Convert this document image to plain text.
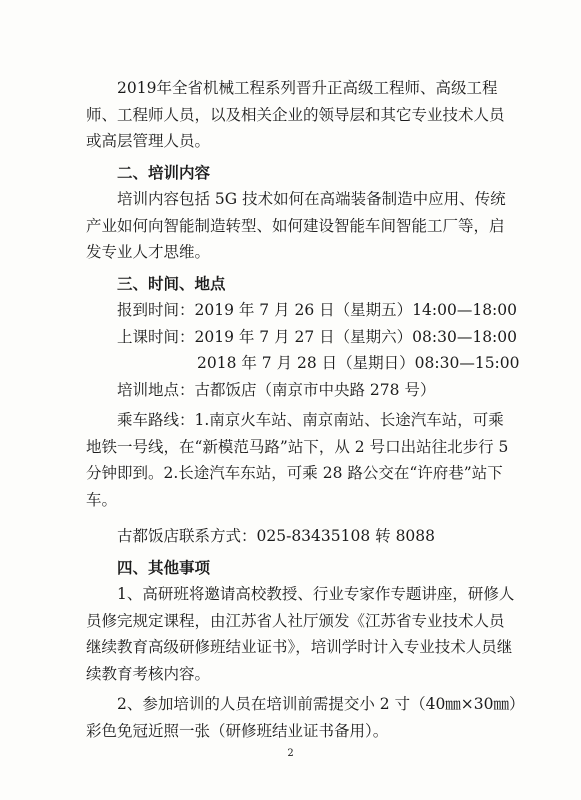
2019年全省机械工程系列晋升正高级工程师、高级工程师、工程师人员，以及相关企业的领导层和其它专业技术人员或高层管理人员。

二、培训内容

培训内容包括 5G 技术如何在高端装备制造中应用、传统产业如何向智能制造转型、如何建设智能车间智能工厂等，启发专业人才思维。

三、时间、地点

报到时间：2019 年 7 月 26 日（星期五）14:00—18:00

上课时间：2019 年 7 月 27 日（星期六）08:30—18:00

2018 年 7 月 28 日（星期日）08:30—15:00

培训地点：古都饭店（南京市中央路 278 号）

乘车路线：1.南京火车站、南京南站、长途汽车站，可乘地铁一号线，在“新模范马路”站下，从 2 号口出站往北步行 5 分钟即到。2.长途汽车东站，可乘 28 路公交在“许府巷”站下车。

古都饭店联系方式：025-83435108 转 8088

四、其他事项

1、高研班将邀请高校教授、行业专家作专题讲座，研修人员修完规定课程，由江苏省人社厅颁发《江苏省专业技术人员继续教育高级研修班结业证书》，培训学时计入专业技术人员继续教育考核内容。

2、参加培训的人员在培训前需提交小 2 寸（40㎜×30㎜）彩色免冠近照一张（研修班结业证书备用）。

2
